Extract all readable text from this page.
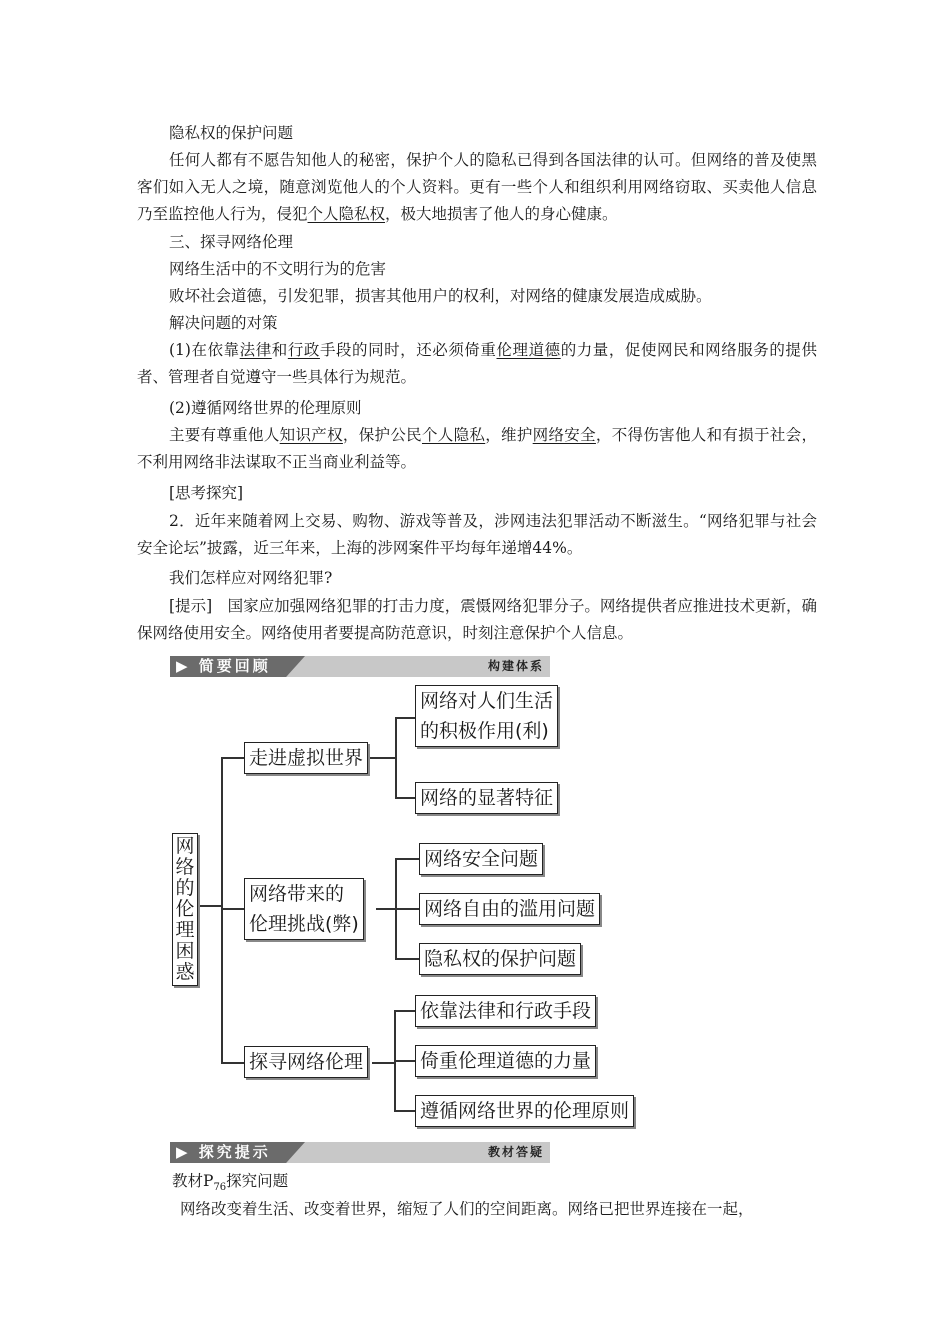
隐私权的保护问题

任何人都有不愿告知他人的秘密，保护个人的隐私已得到各国法律的认可。但网络的普及使黑客们如入无人之境，随意浏览他人的个人资料。更有一些个人和组织利用网络窃取、买卖他人信息乃至监控他人行为，侵犯个人隐私权，极大地损害了他人的身心健康。

三、探寻网络伦理

网络生活中的不文明行为的危害

败坏社会道德，引发犯罪，损害其他用户的权利，对网络的健康发展造成威胁。

解决问题的对策

(1)在依靠法律和行政手段的同时，还必须倚重伦理道德的力量，促使网民和网络服务的提供者、管理者自觉遵守一些具体行为规范。

(2)遵循网络世界的伦理原则

主要有尊重他人知识产权，保护公民个人隐私，维护网络安全，不得伤害他人和有损于社会，不利用网络非法谋取不正当商业利益等。

[思考探究]

2．近年来随着网上交易、购物、游戏等普及，涉网违法犯罪活动不断滋生。“网络犯罪与社会安全论坛”披露，近三年来，上海的涉网案件平均每年递增44%。

我们怎样应对网络犯罪?

[提示]　国家应加强网络犯罪的打击力度，震慑网络犯罪分子。网络提供者应推进技术更新，确保网络使用安全。网络使用者要提高防范意识，时刻注意保护个人信息。

▶ 简要回顾	构建体系
网
络
的
伦
理
困
惑
走进虚拟世界
网络带来的
伦理挑战(弊)
探寻网络伦理
网络对人们生活
的积极作用(利)
网络的显著特征
网络安全问题
网络自由的滥用问题
隐私权的保护问题
依靠法律和行政手段
倚重伦理道德的力量
遵循网络世界的伦理原则
▶ 探究提示	教材答疑

教材$P_{76}$探究问题

网络改变着生活、改变着世界，缩短了人们的空间距离。网络已把世界连接在一起，
